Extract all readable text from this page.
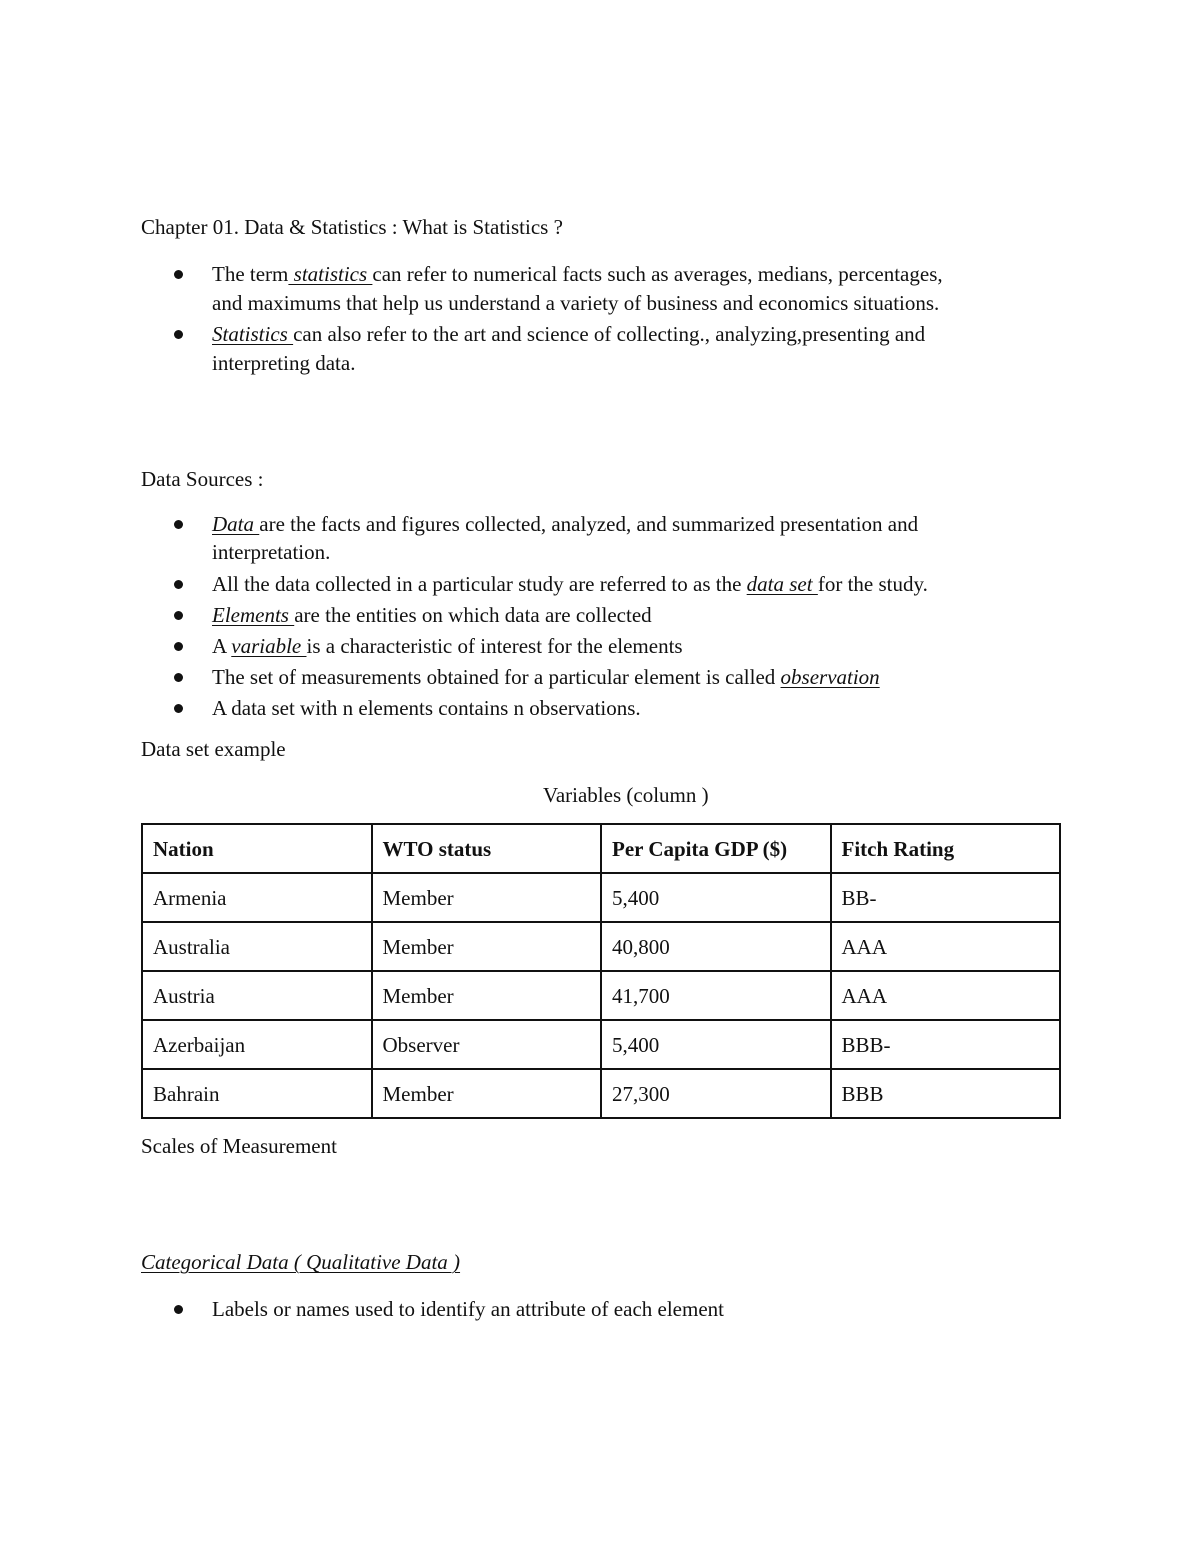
Chapter 01. Data & Statistics : What is Statistics ?

The term statistics can refer to numerical facts such as averages, medians, percentages,

and maximums that help us understand a variety of business and economics situations.

Statistics can also refer to the art and science of collecting., analyzing,presenting and

interpreting data.

Data Sources :

Data are the facts and figures collected, analyzed, and summarized presentation and

interpretation.

All the data collected in a particular study are referred to as the data set for the study.

Elements are the entities on which data are collected

A variable is a characteristic of interest for the elements

The set of measurements obtained for a particular element is called observation

A data set with n elements contains n observations.

Data set example

Variables (column )

Nation	WTO status	Per Capita GDP ($)	Fitch Rating
Armenia	Member	5,400	BB-
Australia	Member	40,800	AAA
Austria	Member	41,700	AAA
Azerbaijan	Observer	5,400	BBB-
Bahrain	Member	27,300	BBB

Scales of Measurement

Categorical Data ( Qualitative Data )

Labels or names used to identify an attribute of each element
